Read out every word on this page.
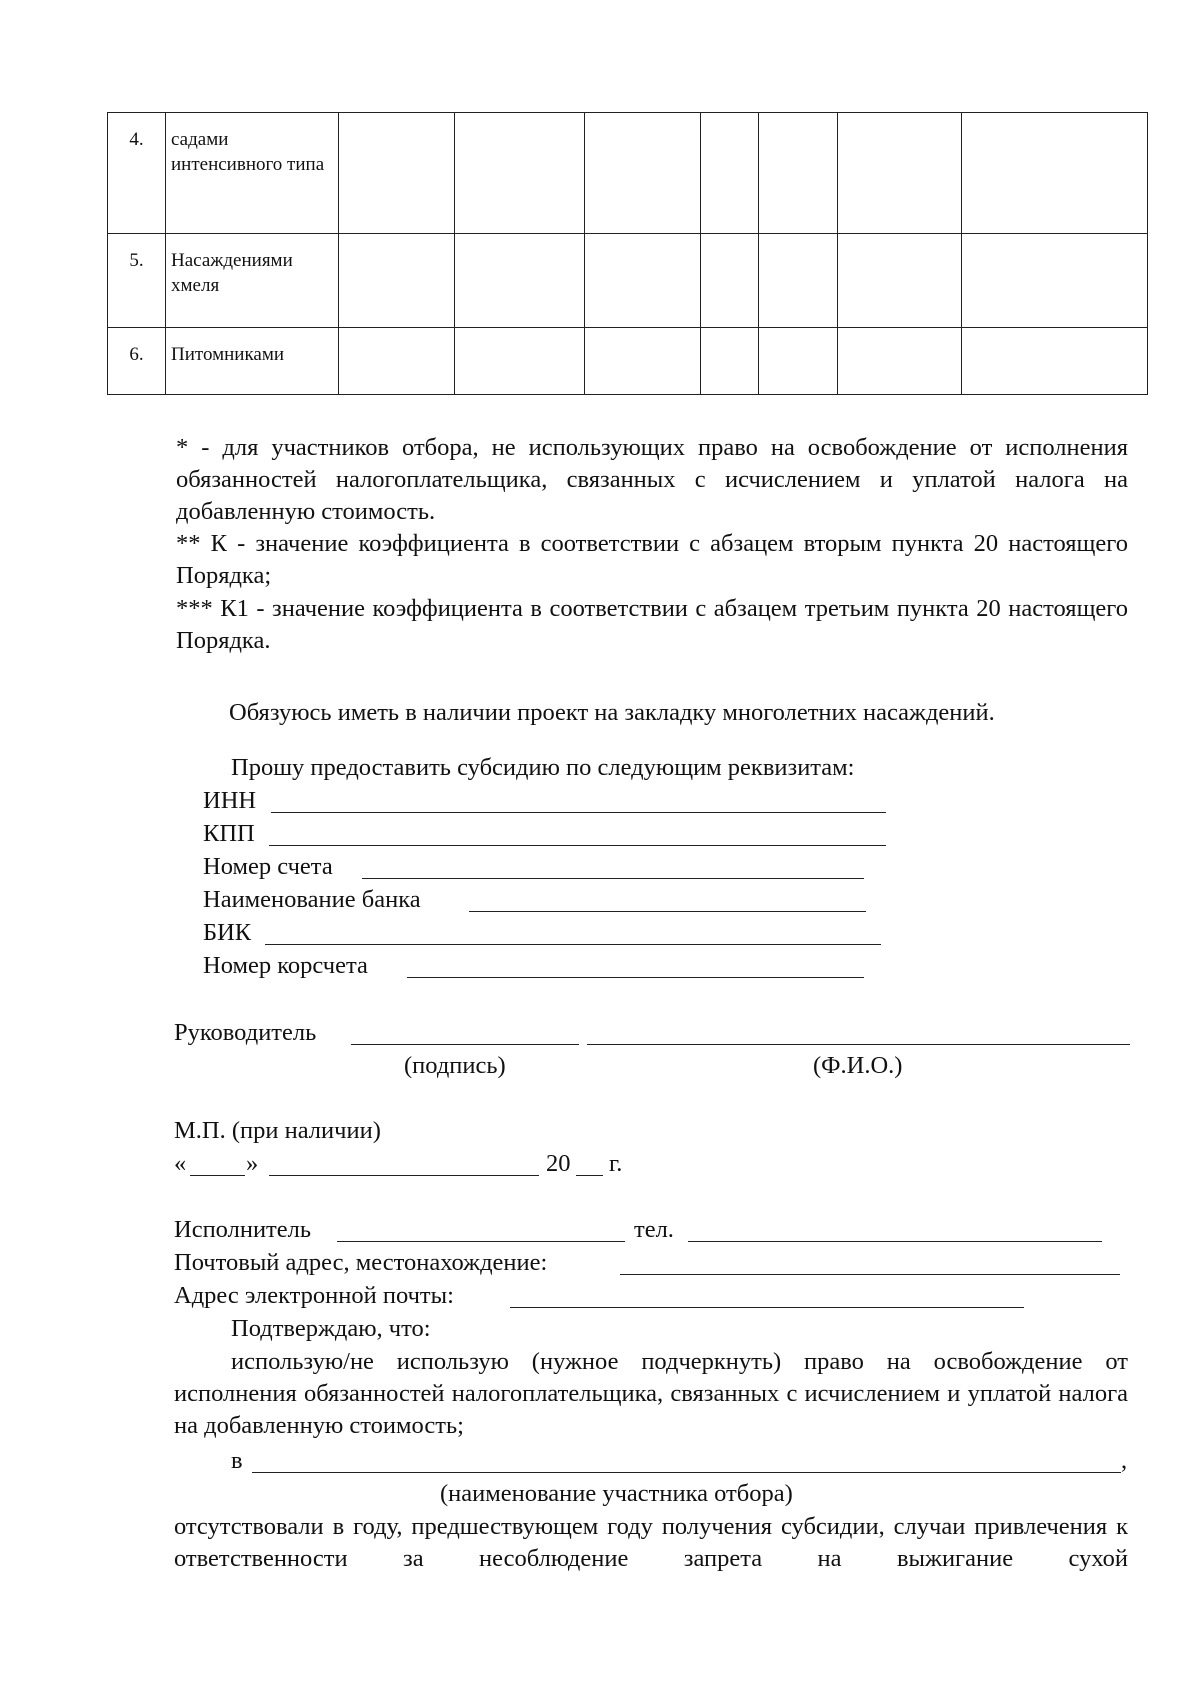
4.	садами интенсивного типа							
5.	Насаждениями хмеля							
6.	Питомниками							
* - для участников отбора, не использующих право на освобождение от исполнения обязанностей налогоплательщика, связанных с исчислением и уплатой налога на добавленную стоимость.
** К - значение коэффициента в соответствии с абзацем вторым пункта 20 настоящего Порядка;
*** К1 - значение коэффициента в соответствии с абзацем третьим пункта 20 настоящего Порядка.
Обязуюсь иметь в наличии проект на закладку многолетних насаждений.
Прошу предоставить субсидию по следующим реквизитам:
ИНН
КПП
Номер счета
Наименование банка
БИК
Номер корсчета
Руководитель
(подпись)	(Ф.И.О.)
М.П. (при наличии)
« »	20 г.
Исполнитель	тел.
Почтовый адрес, местонахождение:
Адрес электронной почты:
Подтверждаю, что:
использую/не использую (нужное подчеркнуть) право на освобождение от исполнения обязанностей налогоплательщика, связанных с исчислением и уплатой налога на добавленную стоимость;
в	,
(наименование участника отбора)
отсутствовали в году, предшествующем году получения субсидии, случаи привлечения к ответственности за несоблюдение запрета на выжигание сухой
